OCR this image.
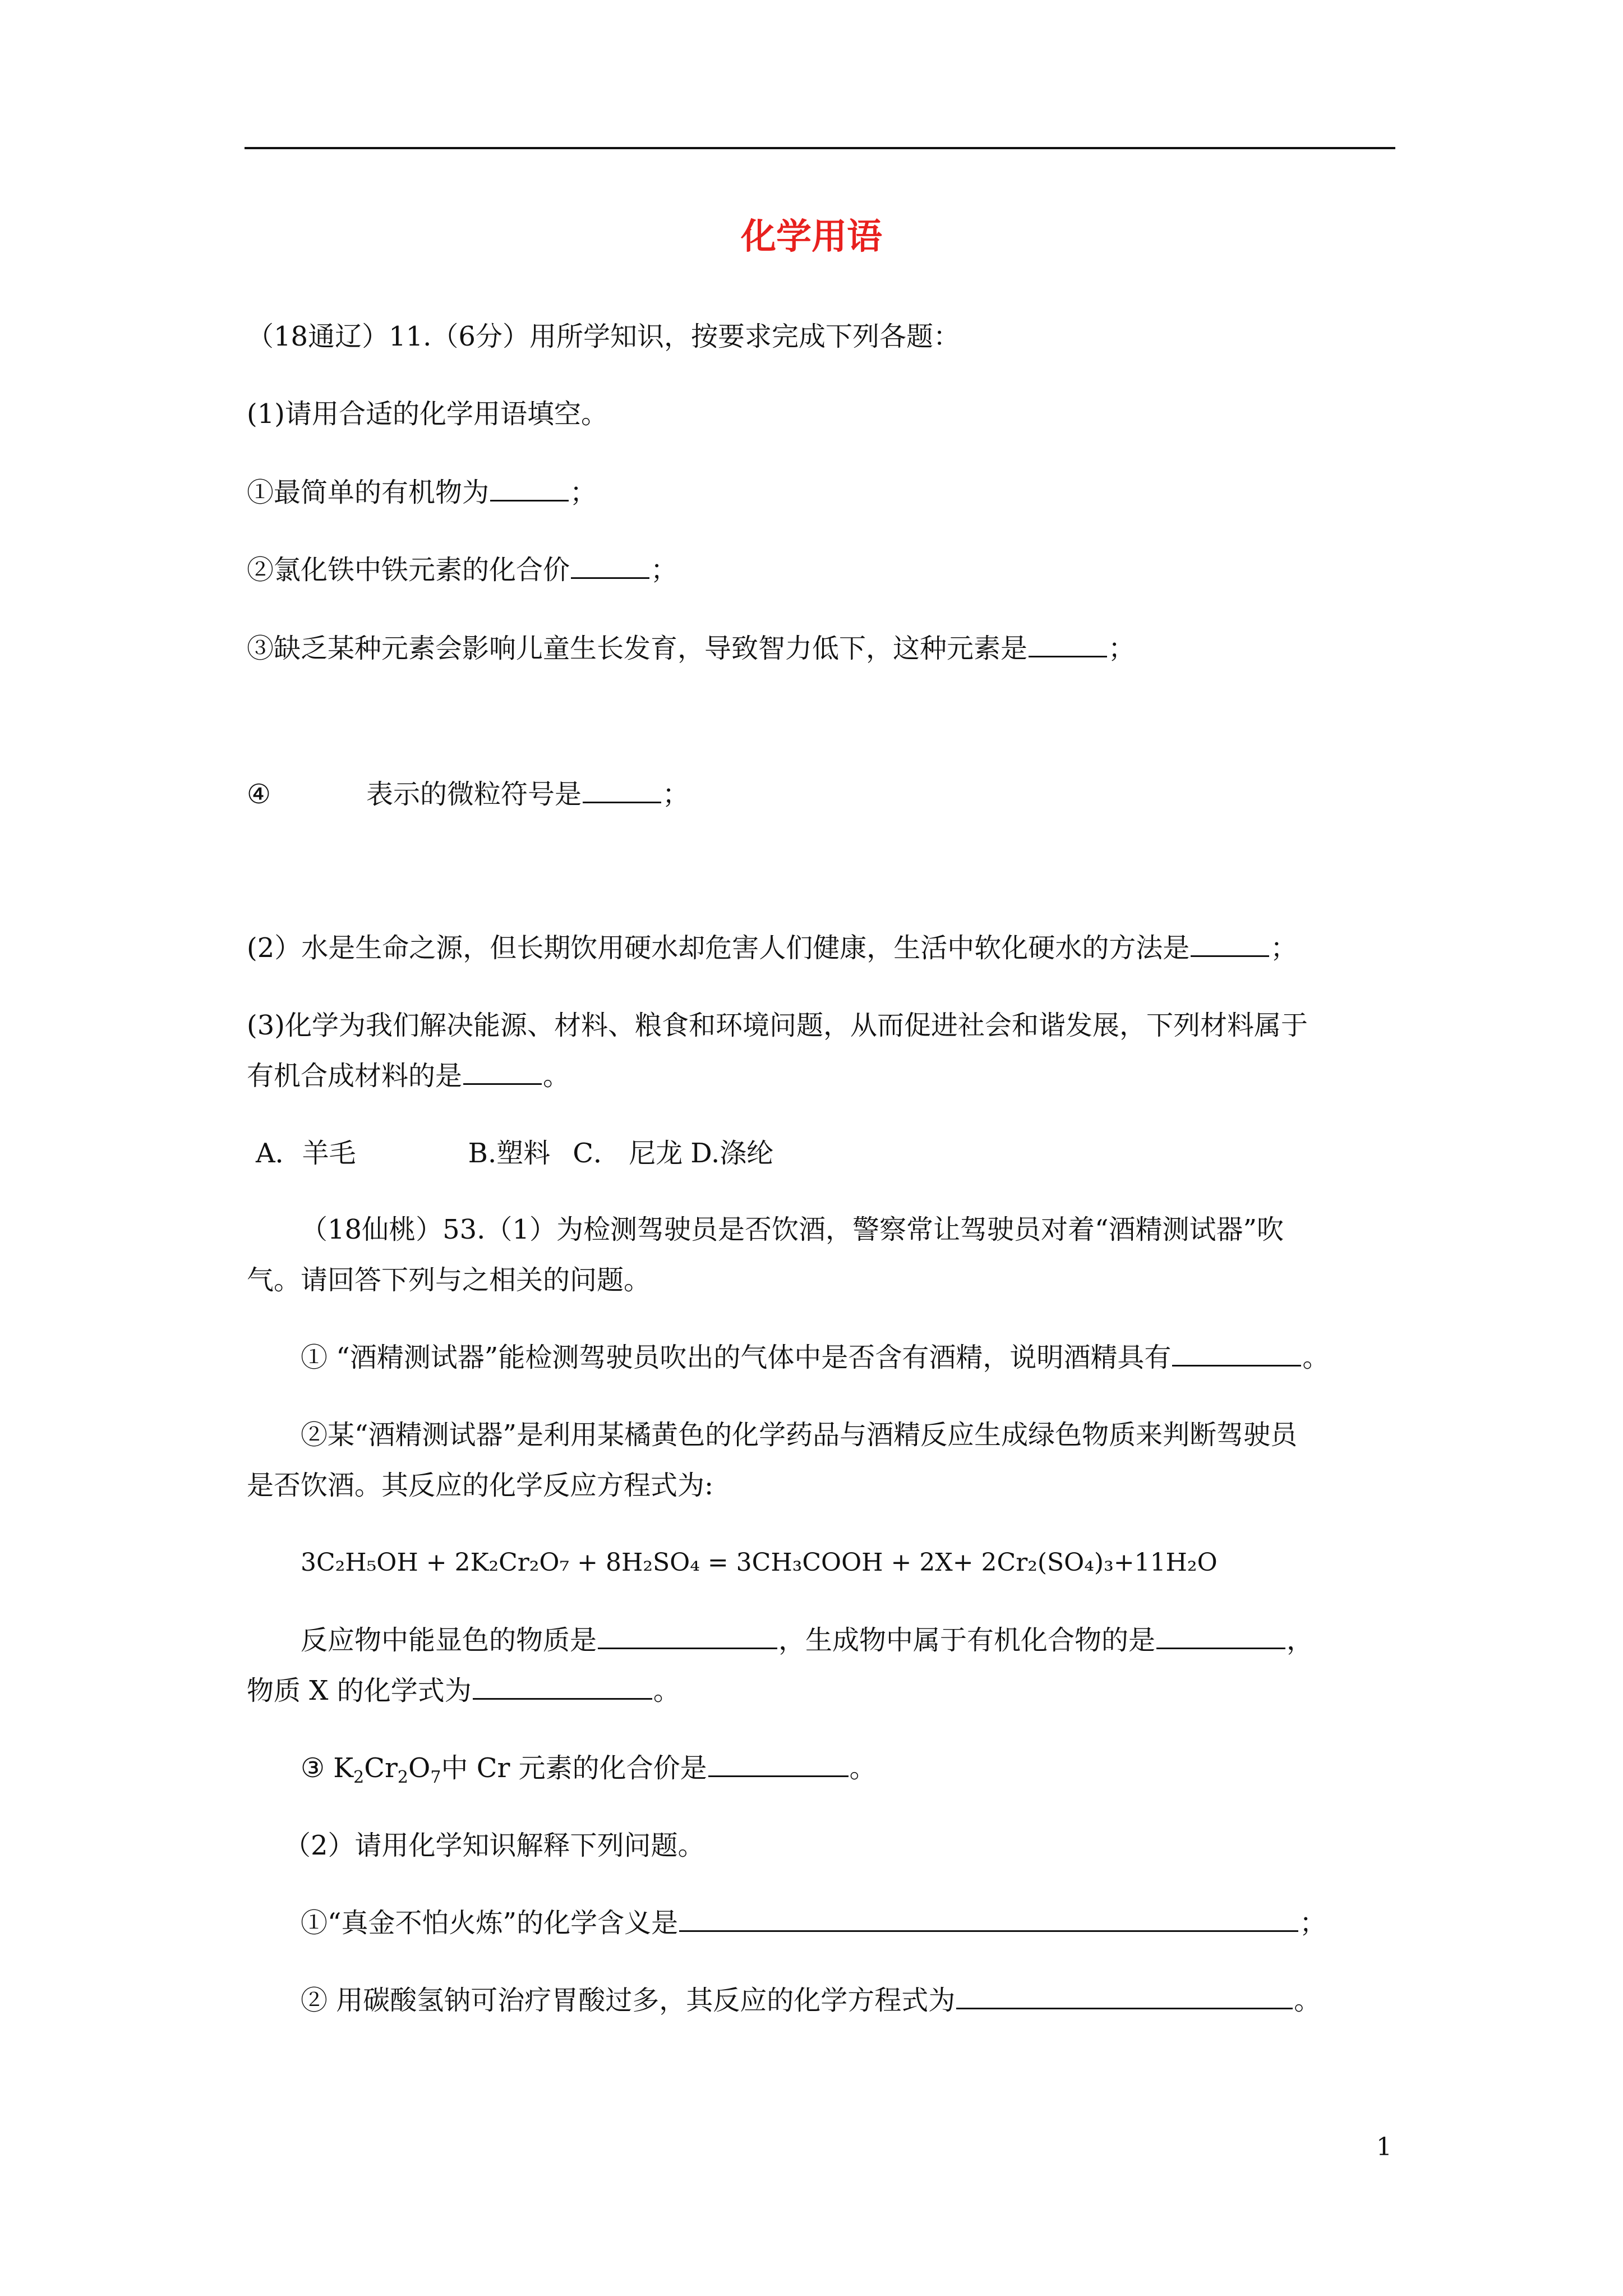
化学用语
（18通辽）11.（6分）用所学知识，按要求完成下列各题：
(1)请用合适的化学用语填空。
①最简单的有机物为	；
②氯化铁中铁元素的化合价	；
③缺乏某种元素会影响儿童生长发育，导致智力低下，这种元素是	；
④	表示的微粒符号是	；
(2）水是生命之源，但长期饮用硬水却危害人们健康，生活中软化硬水的方法是	；
(3)化学为我们解决能源、材料、粮食和环境问题，从而促进社会和谐发展，下列材料属于
有机合成材料的是	。
A．羊毛	B.塑料 C． 尼龙 D.涤纶
（18仙桃）53.（1）为检测驾驶员是否饮酒，警察常让驾驶员对着“酒精测试器”吹
气。请回答下列与之相关的问题。
① “酒精测试器”能检测驾驶员吹出的气体中是否含有酒精，说明酒精具有	。
②某“酒精测试器”是利用某橘黄色的化学药品与酒精反应生成绿色物质来判断驾驶员
是否饮酒。其反应的化学反应方程式为:
3C₂H₅OH + 2K₂Cr₂O₇ + 8H₂SO₄ = 3CH₃COOH + 2X+ 2Cr₂(SO₄)₃+11H₂O
反应物中能显色的物质是	，生成物中属于有机化合物的是	，
物质 X 的化学式为	。
③ $K_2Cr_2O_7$中 Cr 元素的化合价是	。
（2）请用化学知识解释下列问题。
①“真金不怕火炼”的化学含义是	；
② 用碳酸氢钠可治疗胃酸过多，其反应的化学方程式为	。
1
